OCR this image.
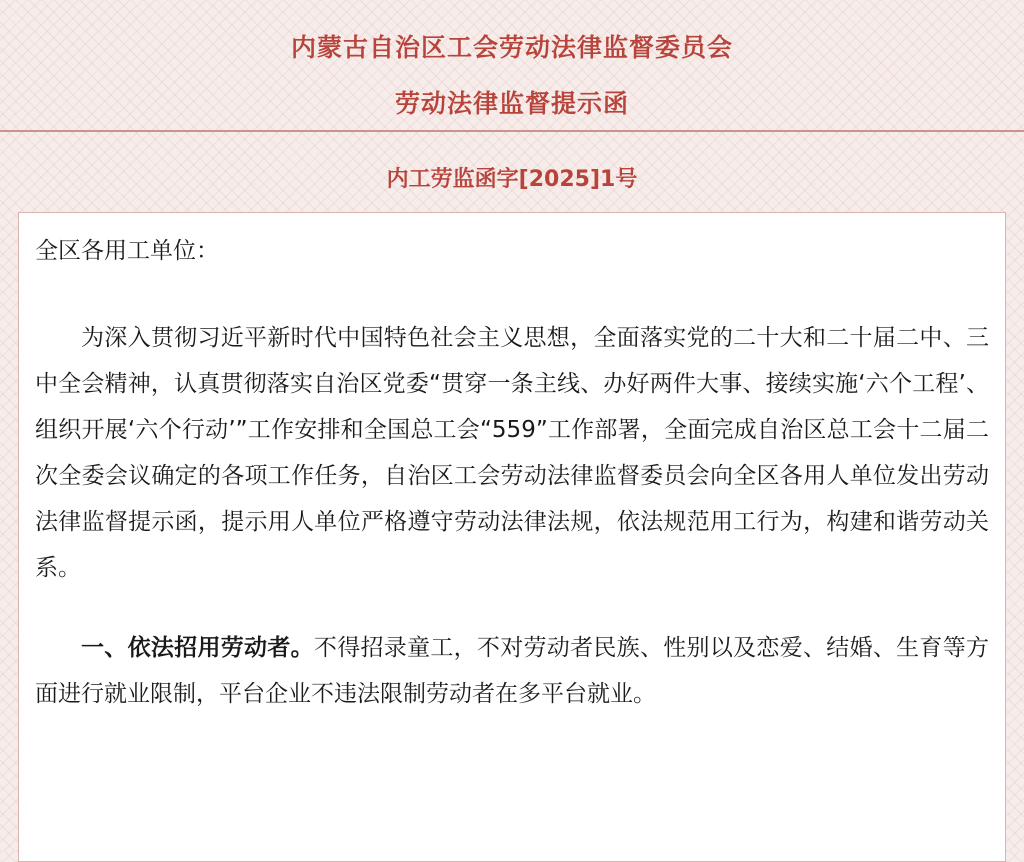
内蒙古自治区工会劳动法律监督委员会
劳动法律监督提示函
内工劳监函字[2025]1号

全区各用工单位：

为深入贯彻习近平新时代中国特色社会主义思想，全面落实党的二十大和二十届二中、三中全会精神，认真贯彻落实自治区党委“贯穿一条主线、办好两件大事、接续实施‘六个工程’、组织开展‘六个行动’”工作安排和全国总工会“559”工作部署，全面完成自治区总工会十二届二次全委会议确定的各项工作任务，自治区工会劳动法律监督委员会向全区各用人单位发出劳动法律监督提示函，提示用人单位严格遵守劳动法律法规，依法规范用工行为，构建和谐劳动关系。

一、依法招用劳动者。不得招录童工，不对劳动者民族、性别以及恋爱、结婚、生育等方面进行就业限制，平台企业不违法限制劳动者在多平台就业。
